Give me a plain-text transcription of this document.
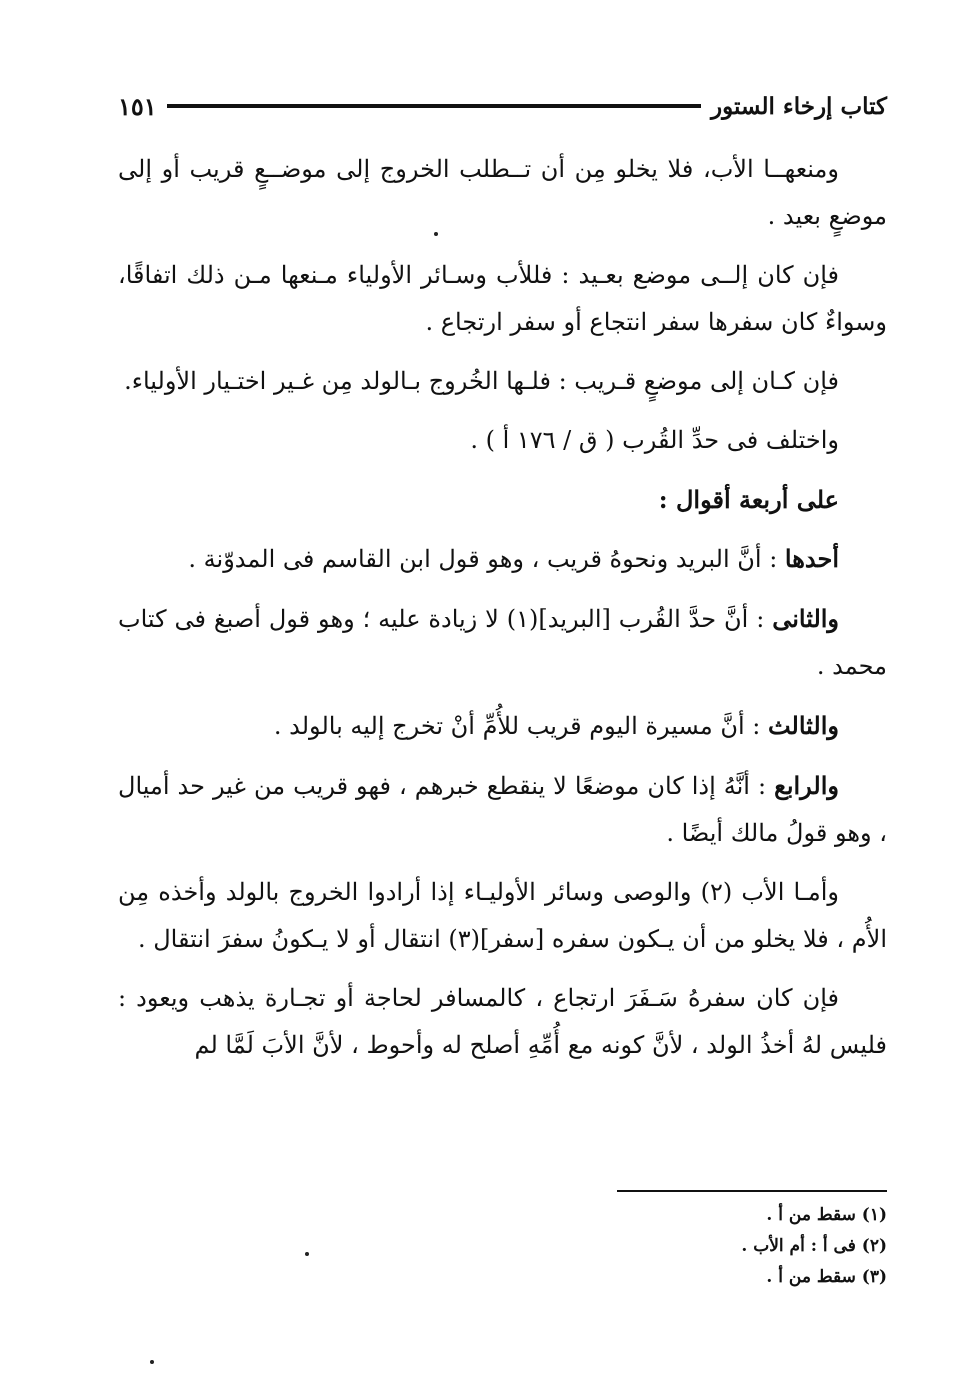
كتاب إرخاء الستور
١٥١

ومنعهــا الأب، فلا يخلو مِن أن تــطلب الخروج إلى موضــعٍ قريب أو إلى موضعٍ بعيد .

فإن كان إلــى موضع بعـيد : فللأب وسـائر الأولياء مـنعها مـن ذلك اتفاقًا، وسواءٌ كان سفرها سفر انتجاع أو سفر ارتجاع .

فإن كـان إلى موضعٍ قـريب : فلـها الخُروج بـالولد مِن غـير اختـيار الأولياء.

واختلف فى حدِّ القُرب ( ق / ١٧٦ أ ) .

على أربعة أقوال :

أحدها : أنَّ البريد ونحوهُ قريب ، وهو قول ابن القاسم فى المدوّنة .

والثانى : أنَّ حدَّ القُرب [البريد](١) لا زيادة عليه ؛ وهو قول أصبغ فى كتاب محمد .

والثالث : أنَّ مسيرة اليوم قريب للأُمِّ أنْ تخرج إليه بالولد .

والرابع : أنَّهُ إذا كان موضعًا لا ينقطع خبرهم ، فهو قريب من غير حد أميال ، وهو قولُ مالك أيضًا .

وأمـا الأب (٢) والوصى وسائر الأوليـاء إذا أرادوا الخروج بالولد وأخذه مِن الأُم ، فلا يخلو من أن يـكون سفره [سفر](٣) انتقال أو لا يـكونُ سفرَ انتقال .

فإن كان سفرهُ سَـفَرَ ارتجاع ، كالمسافر لحاجة أو تجـارة يذهب ويعود : فليس لهُ أخذُ الولد ، لأنَّ كونه مع أُمِّهِ أصلح له وأحوط ، لأنَّ الأبَ لَمَّا لم

(١) سقط من أ .

(٢) فى أ : أم الأب .

(٣) سقط من أ .
